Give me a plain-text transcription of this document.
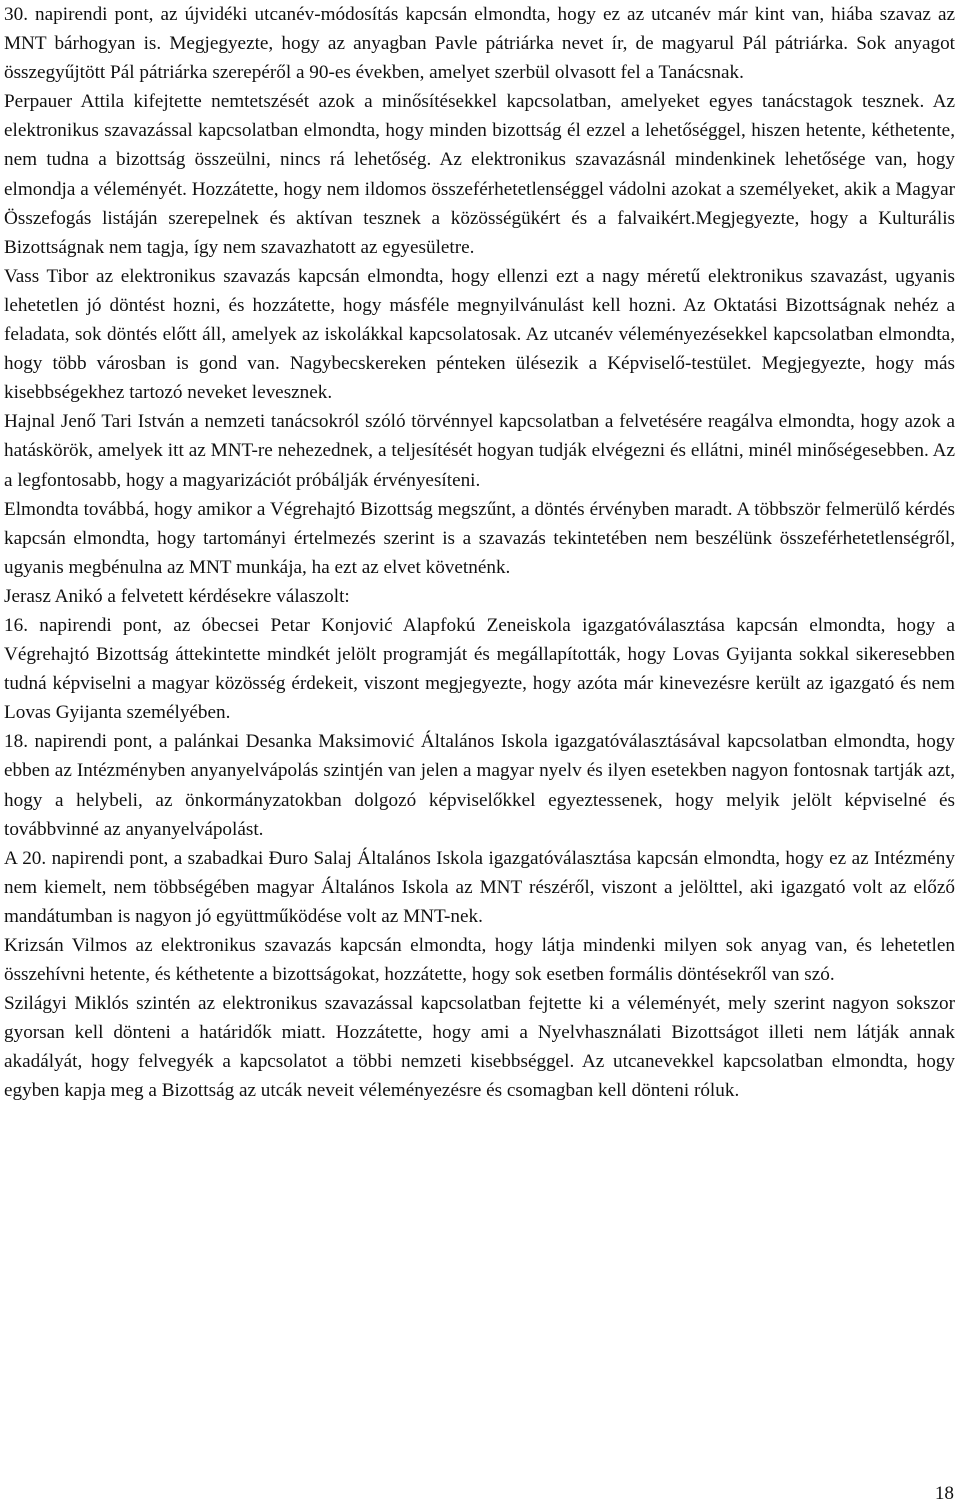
30. napirendi pont, az újvidéki utcanév-módosítás kapcsán elmondta, hogy ez az utcanév már kint van, hiába szavaz az MNT bárhogyan is. Megjegyezte, hogy az anyagban Pavle pátriárka nevet ír, de magyarul Pál pátriárka. Sok anyagot összegyűjtött Pál pátriárka szerepéről a 90-es években, amelyet szerbül olvasott fel a Tanácsnak.

Perpauer Attila kifejtette nemtetszését azok a minősítésekkel kapcsolatban, amelyeket egyes tanácstagok tesznek. Az elektronikus szavazással kapcsolatban elmondta, hogy minden bizottság él ezzel a lehetőséggel, hiszen hetente, kéthetente, nem tudna a bizottság összeülni, nincs rá lehetőség. Az elektronikus szavazásnál mindenkinek lehetősége van, hogy elmondja a véleményét. Hozzátette, hogy nem ildomos összeférhetetlenséggel vádolni azokat a személyeket, akik a Magyar Összefogás listáján szerepelnek és aktívan tesznek a közösségükért és a falvaikért.Megjegyezte, hogy a Kulturális Bizottságnak nem tagja, így nem szavazhatott az egyesületre.

Vass Tibor az elektronikus szavazás kapcsán elmondta, hogy ellenzi ezt a nagy méretű elektronikus szavazást, ugyanis lehetetlen jó döntést hozni, és hozzátette, hogy másféle megnyilvánulást kell hozni. Az Oktatási Bizottságnak nehéz a feladata, sok döntés előtt áll, amelyek az iskolákkal kapcsolatosak. Az utcanév véleményezésekkel kapcsolatban elmondta, hogy több városban is gond van. Nagybecskereken pénteken ülésezik a Képviselő-testület. Megjegyezte, hogy más kisebbségekhez tartozó neveket levesznek.

Hajnal Jenő Tari István a nemzeti tanácsokról szóló törvénnyel kapcsolatban a felvetésére reagálva elmondta, hogy azok a hatáskörök, amelyek itt az MNT-re nehezednek, a teljesítését hogyan tudják elvégezni és ellátni, minél minőségesebben. Az a legfontosabb, hogy a magyarizációt próbálják érvényesíteni.

Elmondta továbbá, hogy amikor a Végrehajtó Bizottság megszűnt, a döntés érvényben maradt. A többször felmerülő kérdés kapcsán elmondta, hogy tartományi értelmezés szerint is a szavazás tekintetében nem beszélünk összeférhetetlenségről, ugyanis megbénulna az MNT munkája, ha ezt az elvet követnénk.

Jerasz Anikó a felvetett kérdésekre válaszolt:

16. napirendi pont, az óbecsei Petar Konjović Alapfokú Zeneiskola igazgatóválasztása kapcsán elmondta, hogy a Végrehajtó Bizottság áttekintette mindkét jelölt programját és megállapították, hogy Lovas Gyijanta sokkal sikeresebben tudná képviselni a magyar közösség érdekeit, viszont megjegyezte, hogy azóta már kinevezésre került az igazgató és nem Lovas Gyijanta személyében.

18. napirendi pont, a palánkai Desanka Maksimović Általános Iskola igazgatóválasztásával kapcsolatban elmondta, hogy ebben az Intézményben anyanyelvápolás szintjén van jelen a magyar nyelv és ilyen esetekben nagyon fontosnak tartják azt, hogy a helybeli, az önkormányzatokban dolgozó képviselőkkel egyeztessenek, hogy melyik jelölt képviselné és továbbvinné az anyanyelvápolást.

A 20. napirendi pont, a szabadkai Đuro Salaj Általános Iskola igazgatóválasztása kapcsán elmondta, hogy ez az Intézmény nem kiemelt, nem többségében magyar Általános Iskola az MNT részéről, viszont a jelölttel, aki igazgató volt az előző mandátumban is nagyon jó együttműködése volt az MNT-nek.

Krizsán Vilmos az elektronikus szavazás kapcsán elmondta, hogy látja mindenki milyen sok anyag van, és lehetetlen összehívni hetente, és kéthetente a bizottságokat, hozzátette, hogy sok esetben formális döntésekről van szó.

Szilágyi Miklós szintén az elektronikus szavazással kapcsolatban fejtette ki a véleményét, mely szerint nagyon sokszor gyorsan kell dönteni a határidők miatt. Hozzátette, hogy ami a Nyelvhasználati Bizottságot illeti nem látják annak akadályát, hogy felvegyék a kapcsolatot a többi nemzeti kisebbséggel. Az utcanevekkel kapcsolatban elmondta, hogy egyben kapja meg a Bizottság az utcák neveit véleményezésre és csomagban kell dönteni róluk.

18
